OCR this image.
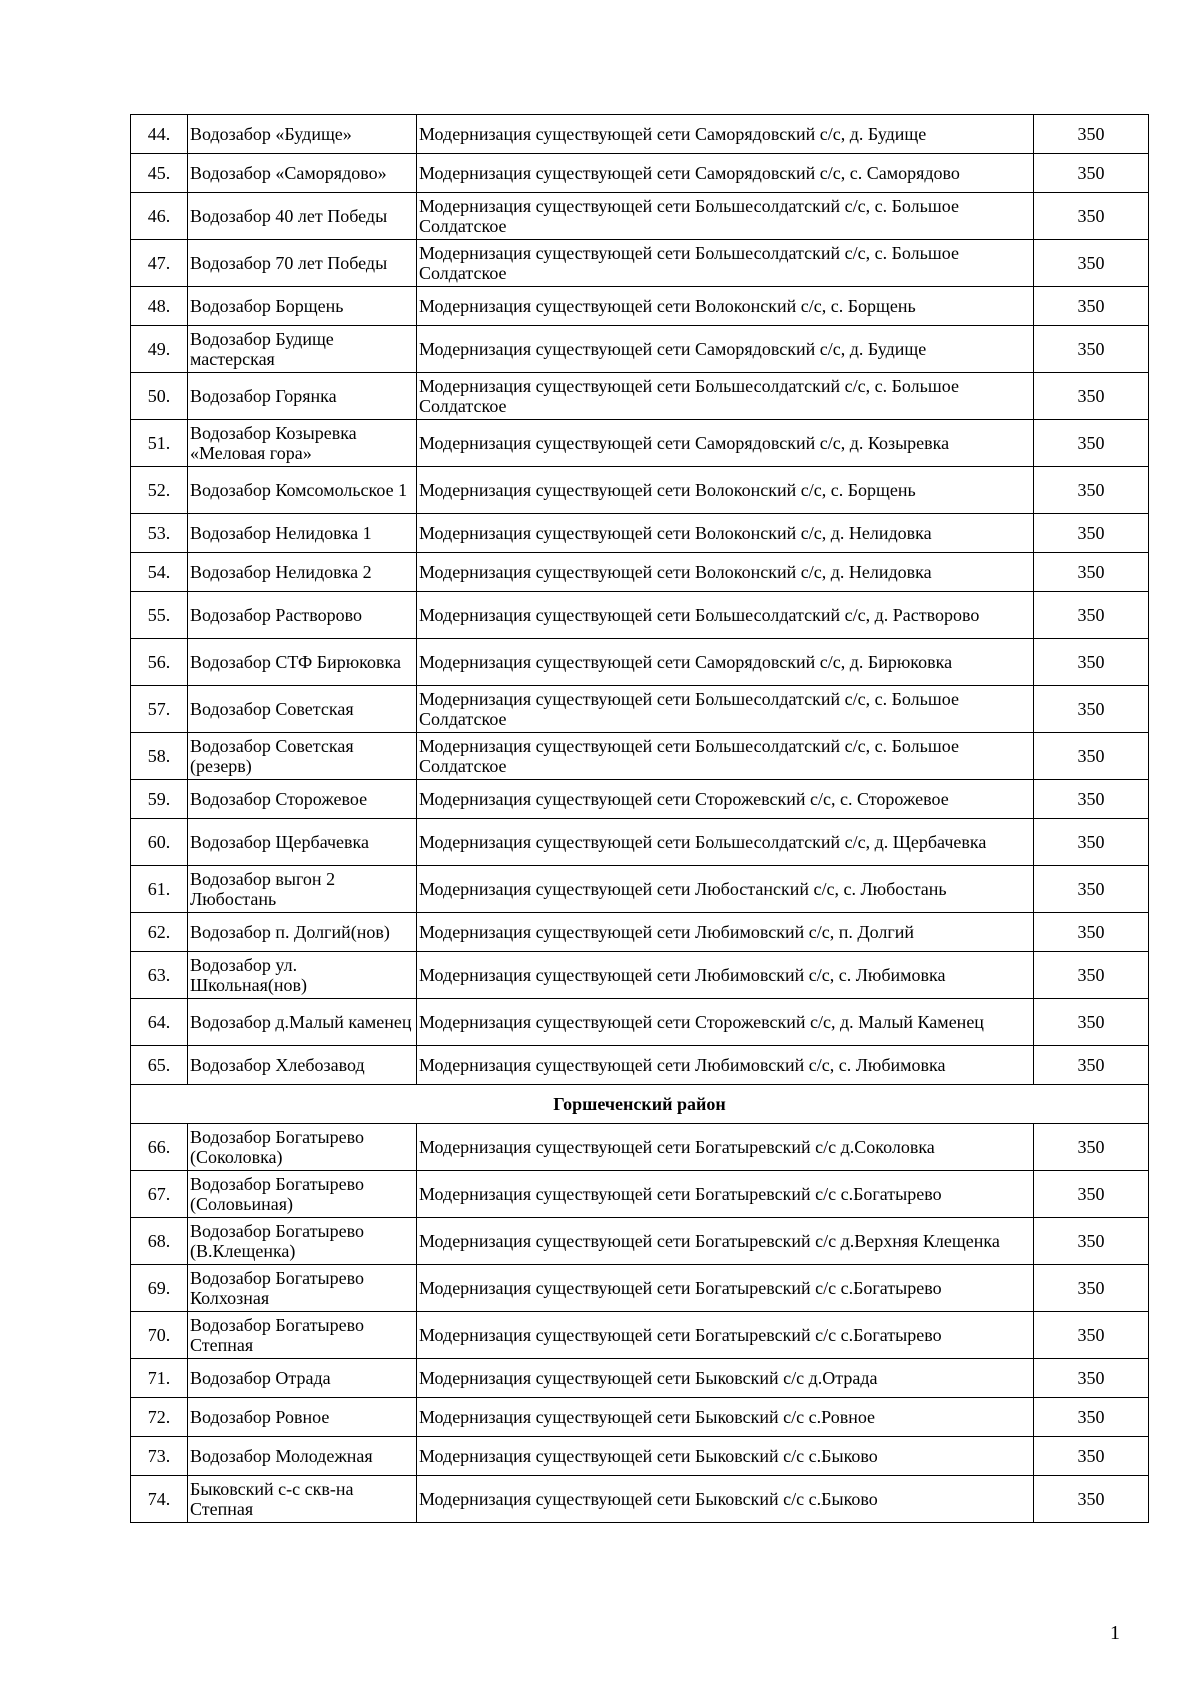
44.	Водозабор «Будище»	Модернизация существующей сети Саморядовский с/с, д. Будище	350
45.	Водозабор «Саморядово»	Модернизация существующей сети Саморядовский с/с, с. Саморядово	350
46.	Водозабор 40 лет Победы	Модернизация существующей сети Большесолдатский с/с, с. Большое Солдатское	350
47.	Водозабор 70 лет Победы	Модернизация существующей сети Большесолдатский с/с, с. Большое Солдатское	350
48.	Водозабор Борщень	Модернизация существующей сети Волоконский с/с, с. Борщень	350
49.	Водозабор Будище мастерская	Модернизация существующей сети Саморядовский с/с, д. Будище	350
50.	Водозабор Горянка	Модернизация существующей сети Большесолдатский с/с, с. Большое Солдатское	350
51.	Водозабор Козыревка «Меловая гора»	Модернизация существующей сети Саморядовский с/с, д. Козыревка	350
52.	Водозабор Комсомольское 1	Модернизация существующей сети Волоконский с/с, с. Борщень	350
53.	Водозабор Нелидовка 1	Модернизация существующей сети Волоконский с/с, д. Нелидовка	350
54.	Водозабор Нелидовка 2	Модернизация существующей сети Волоконский с/с, д. Нелидовка	350
55.	Водозабор Растворово	Модернизация существующей сети Большесолдатский с/с, д. Растворово	350
56.	Водозабор СТФ Бирюковка	Модернизация существующей сети Саморядовский с/с, д. Бирюковка	350
57.	Водозабор Советская	Модернизация существующей сети Большесолдатский с/с, с. Большое Солдатское	350
58.	Водозабор Советская (резерв)	Модернизация существующей сети Большесолдатский с/с, с. Большое Солдатское	350
59.	Водозабор Сторожевое	Модернизация существующей сети Сторожевский с/с, с. Сторожевое	350
60.	Водозабор Щербачевка	Модернизация существующей сети Большесолдатский с/с, д. Щербачевка	350
61.	Водозабор выгон 2 Любостань	Модернизация существующей сети Любостанский с/с, с. Любостань	350
62.	Водозабор п. Долгий(нов)	Модернизация существующей сети Любимовский с/с, п. Долгий	350
63.	Водозабор ул. Школьная(нов)	Модернизация существующей сети Любимовский с/с, с. Любимовка	350
64.	Водозабор д.Малый каменец	Модернизация существующей сети Сторожевский с/с, д. Малый Каменец	350
65.	Водозабор Хлебозавод	Модернизация существующей сети Любимовский с/с, с. Любимовка	350
Горшеченский район			
66.	Водозабор Богатырево (Соколовка)	Модернизация существующей сети Богатыревский с/с д.Соколовка	350
67.	Водозабор Богатырево (Соловьиная)	Модернизация существующей сети Богатыревский с/с с.Богатырево	350
68.	Водозабор Богатырево (В.Клещенка)	Модернизация существующей сети Богатыревский с/с д.Верхняя Клещенка	350
69.	Водозабор Богатырево Колхозная	Модернизация существующей сети Богатыревский с/с с.Богатырево	350
70.	Водозабор Богатырево Степная	Модернизация существующей сети Богатыревский с/с с.Богатырево	350
71.	Водозабор Отрада	Модернизация существующей сети Быковский с/с д.Отрада	350
72.	Водозабор Ровное	Модернизация существующей сети Быковский с/с с.Ровное	350
73.	Водозабор Молодежная	Модернизация существующей сети Быковский с/с с.Быково	350
74.	Быковский с-с скв-на Степная	Модернизация существующей сети Быковский с/с с.Быково	350
1
